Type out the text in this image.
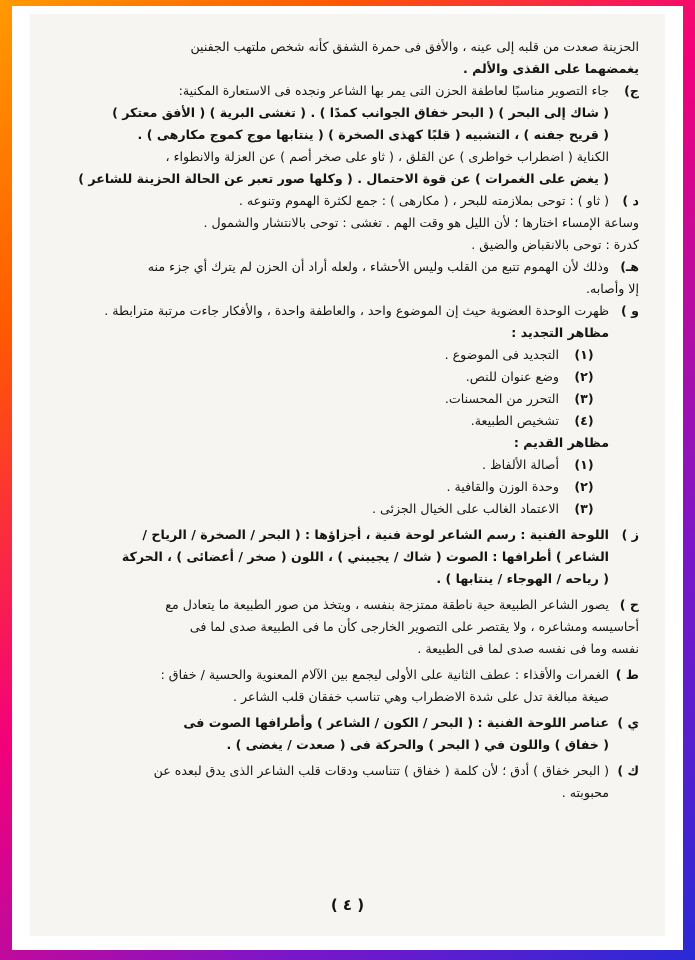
الحزينة صعدت من قلبه إلى عينه ، والأفق فى حمرة الشفق كأنه شخص ملتهب الجفنين

يغمضهما على القذى والألم .

ج)

جاء التصوير مناسبًا لعاطفة الحزن التى يمر بها الشاعر ونجده فى الاستعارة المكنية:

( شاك إلى البحر ) ( البحر خفاق الجوانب كمدًا ) . ( تغشى البرية ) ( الأفق معتكر )

( قريح جفنه ) ، التشبيه ( قلبًا كهذى الصخرة ) ( ينتابها موج كموج مكارهى ) .

الكناية ( اضطراب خواطرى ) عن القلق ، ( ثاو على صخر أصم ) عن العزلة والانطواء ،

( يغض على الغمرات ) عن قوة الاحتمال . ( وكلها صور تعبر عن الحالة الحزينة للشاعر )

د )

( ثاو ) : توحى بملازمته للبحر ، ( مكارهى ) : جمع لكثرة الهموم وتنوعه .

وساعة الإمساء اختارها ؛ لأن الليل هو وقت الهم . تغشى : توحى بالانتشار والشمول .

كدرة : توحى بالانقباض والضيق .

هـ)

وذلك لأن الهموم تتبع من القلب وليس الأحشاء ، ولعله أراد أن الحزن لم يترك أي جزء منه

إلا وأصابه.

و )

ظهرت الوحدة العضوية حيث إن الموضوع واحد ، والعاطفة واحدة ، والأفكار جاءت مرتبة مترابطة .

مظاهر التجديد :

(١)
التجديد فى الموضوع .
(٢)
وضع عنوان للنص.
(٣)
التحرر من المحسنات.
(٤)
تشخيص الطبيعة.

مظاهر القديم :

(١)
أصالة الألفاظ .
(٢)
وحدة الوزن والقافية .
(٣)
الاعتماد الغالب على الخيال الجزئى .
ز )

اللوحة الفنية : رسم الشاعر لوحة فنية ، أجزاؤها : ( البحر / الصخرة / الرياح /

الشاعر ) أطرافها : الصوت ( شاك / يجيبني ) ، اللون ( صخر / أعضائى ) ، الحركة

( رياحه / الهوجاء / ينتابها ) .

ح )

يصور الشاعر الطبيعة حية ناطقة ممتزجة بنفسه ، ويتخذ من صور الطبيعة ما يتعادل مع

أحاسيسه ومشاعره ، ولا يقتصر على التصوير الخارجى كأن ما فى الطبيعة صدى لما فى

نفسه وما فى نفسه صدى لما فى الطبيعة .

ط )

الغمرات والأقذاء : عطف الثانية على الأولى ليجمع بين الآلام المعنوية والحسية / خفاق :

صيغة مبالغة تدل على شدة الاضطراب وهي تناسب خفقان قلب الشاعر .

ي )

عناصر اللوحة الفنية : ( البحر / الكون / الشاعر ) وأطرافها الصوت فى

( خفاق ) واللون في ( البحر ) والحركة فى ( صعدت / يغضى ) .

ك )

( البحر خفاق ) أدق ؛ لأن كلمة ( خفاق ) تتناسب ودقات قلب الشاعر الذى يدق لبعده عن

محبوبته .

( ٤ )
